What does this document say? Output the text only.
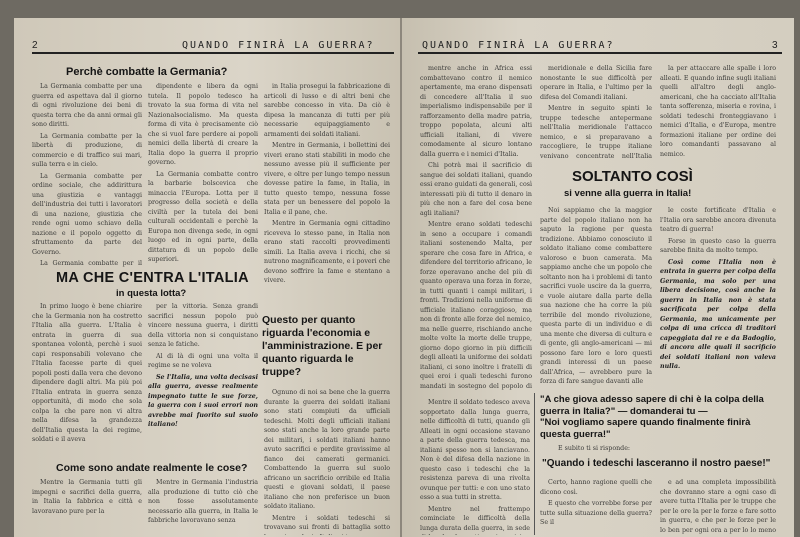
2	QUANDO FINIRÀ LA GUERRA?
Perchè combatte la Germania?

La Germania combatte per una guerra ed aspettava dal il giorno di ogni rivoluzione dei beni di questa terra che da anni ormai gli sono diritti.

La Germania combatte per la libertà di produzione, di commercio e di traffico sui mari, sulla terra e in cielo.

La Germania combatte per ordine sociale, che addirittura una giustizia e vantaggi dell'industria dei tutti i lavoratori di una nazione, giustizia che rende ogni uomo schiavo della nazione e il popolo oggetto di sfruttamento da parte del Governo.

La Germania combatte per il

dipendente e libera da ogni tutela. Il popolo tedesco ha trovato la sua forma di vita nel Nazionalsocialismo. Ma questa forma di vita è precisamente ciò che si vuol fare perdere ai popoli nemici della libertà di creare la Italia dopo la guerra il proprio governo.

La Germania combatte contro la barbarie bolscevica che minaccia l'Europa. Lotta per il progresso della società e della civiltà per la tutela dei beni culturali occidentali e perchè la Europa non divenga sede, in ogni luogo ed in ogni parte, della dittatura di un popolo delle superiori.

in Italia prosegui la fabbricazione di articoli di lusso e di altri beni che sarebbe concesso in vita. Da ciò è dipesa la mancanza di tutti per più necessarie equipaggiamento e armamenti dei soldati italiani.

Mentre in Germania, i bollettini dei viveri erano stati stabiliti in modo che nessuno avesse più il sufficiente per vivere, e oltre per lungo tempo nessun dovesse patire la fame, in Italia, in tutto questo tempo, nessuna fosse stata per un benessere del popolo la Italia e il pane, che.

Mentre in Germania ogni cittadino riceveva lo stesso pane, in Italia non erano stati raccolti provvedimenti simili. La Italia aveva i ricchi, che si nutrono magnificamente, e i poveri che devono soffrire la fame e stentano a vivere.

MA CHE C'ENTRA L'ITALIA
in questa lotta?

In primo luogo è bene chiarire che la Germania non ha costretto l'Italia alla guerra. L'Italia è entrata in guerra di sua spontanea volontà, perchè i suoi capi responsabili volevano che l'Italia facesse parte di quei popoli posti dalla vera che devono dipendere dagli altri. Ma più poi l'Italia entrata in guerra senza opportunità, di modo che sola colpa la che pare non vi altra nella difesa la grandezza dell'Italia questa la dei regime, soldati e il aveva

per la vittoria. Senza grandi sacrifici nessun popolo può vincere nessuna guerra, i diritti della vittoria non si conquistano senza le fatiche.

Al di là di ogni una volta il regime se ne voleva

Se l'Italia, una volta decisasi alla guerra, avesse realmente impegnato tutte le sue forze, la guerra con i suoi errori non avrebbe mai fuorito sul suolo italiano!

Questo per quanto riguarda l'economia e l'amministrazione. E per quanto riguarda le truppe?

Ognuno di noi sa bene che la guerra durante la guerra dei soldati italiani sono stati compiuti da ufficiali tedeschi. Molti degli ufficiali italiani sono stati anche la loro grande parte dei militari, i soldati italiani hanno avuto sacrifici e perdite gravissime al fianco dei camerati germanici. Combattendo la guerra sul suolo africano un sacrificio orribile ed Italia questi e giovani soldati, il paese italiano che non preferisce un buon soldato italiano.

Mentre i soldati tedeschi si trovavano sui fronti di battaglia sotto

Come sono andate realmente le cose?

Mentre la Germania tutti gli impegni e sacrifici della guerra, in Italia la fabbrica e città e lavoravano pure per la

Mentre in Germania l'industria alla produzione di tutto ciò che non fosse assolutamente necessario alla guerra, in Italia le fabbriche lavoravano senza

QUANDO FINIRÀ LA GUERRA?	3

mentre anche in Africa essi combattevano contro il nemico apertamente, ma erano dispensati di concedere all'Italia il suo imperialismo indispensabile per il rafforzamento della madre patria, troppo popolata, alcuni alti ufficiali italiani, di vivere comodamente al sicuro lontano dalla guerra e i nemici d'Italia.

Chi potrà mai il sacrificio di sangue dei soldati italiani, quando essi erano guidati da generali, così interessati più di tutto il denaro in più che non a fare del cosa bene agli italiani?

Mentre erano soldati tedeschi in seno a occupare i comandi italiani sostenendo Malta, per sperare che cosa fare in Africa, e difendere del territorio africano, le forze operavano anche del più di quanto operava una forza in forze, in tutti quanti i campi militari, i fronti. Tradizioni nella uniforme di ufficiale italiano coraggioso, ma non di fronte alle forze del nemico, ma nelle guerre, rischiando anche molte volte la morte delle truppe, giorno dopo giorno in più difficili degli alleati la uniforme dei soldati italiani, ci sono inoltre i fratelli di quei eroi i quali tedeschi furono mandati in sostegno del popolo di

meridionale e della Sicilia fare nonostante le sue difficoltà per operare in Italia, e l'ultimo per la difesa del Comandi italiani.

Mentre in seguito spinti le truppe tedesche antepermane nell'Italia meridionale l'attacco nemico, e si preparavano a raccogliere, le truppe italiane venivano concentrate nell'Italia

la per attaccare alle spalle i loro alleati. E quando infine sugli italiani quelli all'altro degli anglo-americani, che ha cacciato all'Italia tanta sofferenza, miseria e rovina, i soldati tedeschi fronteggiavano i nemici d'Italia, e d'Europa, mentre formazioni italiane per ordine dei loro comandanti passavano al nemico.

SOLTANTO COSÌ
si venne alla guerra in Italia!

Noi sappiamo che la maggior parte del popolo italiano non ha saputo la ragione per questa tradizione. Abbiamo conosciuto il soldato italiano come combattere valoroso e buon camerata. Ma sappiamo anche che un popolo che soltanto non ha i problemi di tanto sacrifici vuole uscire da la guerra, e vuole aiutare dalla parte della sua nazione che ha corre la più terribile del mondo rivoluzione, questa parte di un individuo e di una mente che diversa di cultura e di gente, gli anglo-americani — mi possono fare loro e loro questi grandi interessi di un paese dall'Africa, — avrebbero pure la forza di fare sangue davanti alle

le coste fortificate d'Italia e l'Italia ora sarebbe ancora divenuta teatro di guerra!

Forse in questo caso la guerra sarebbe finita da molto tempo.

Così come l'Italia non è entrata in guerra per colpa della Germania, ma solo per una libera decisione, così anche la guerra in Italia non è stata sacrificata per colpa della Germania, ma unicamente per colpa di una cricca di traditori capeggiata dal re e da Badoglio, di ancora alle quali il sacrificio dei soldati italiani non valeva nulla.

Mentre il soldato tedesco aveva sopportato dalla lunga guerra, nelle difficoltà di tutti, quando gli Alleati in ogni occasione stavano a parte della guerra tedesca, ma italiani spesso non si lanciavano. Non è del difesa della nazione in questo caso i tedeschi che la resistenza pareva di una rivolta ovunque per tutti: e con uno stato esso a sua tutti in stretta.

Mentre nel frattempo cominciate le difficoltà della lunga durata della guerra, in sede

"A che giova adesso sapere di chi è la colpa della guerra in Italia?" — domanderai tu —
"Noi vogliamo sapere quando finalmente finirà questa guerra!"

E subito ti si risponde:

"Quando i tedeschi lasceranno il nostro paese!"

Certo, hanno ragione quelli che dicono così.

E questo che vorrebbe forse per tutte sulla situazione della guerra? Se il

e ad una completa impossibilità che dovranno stare a ogni caso di avere tutta l'Italia per le truppe che per le ore la per le forze e fare sotto in guerra, e che per le forze per le lo ben per ogni ora a per lo lo meno
